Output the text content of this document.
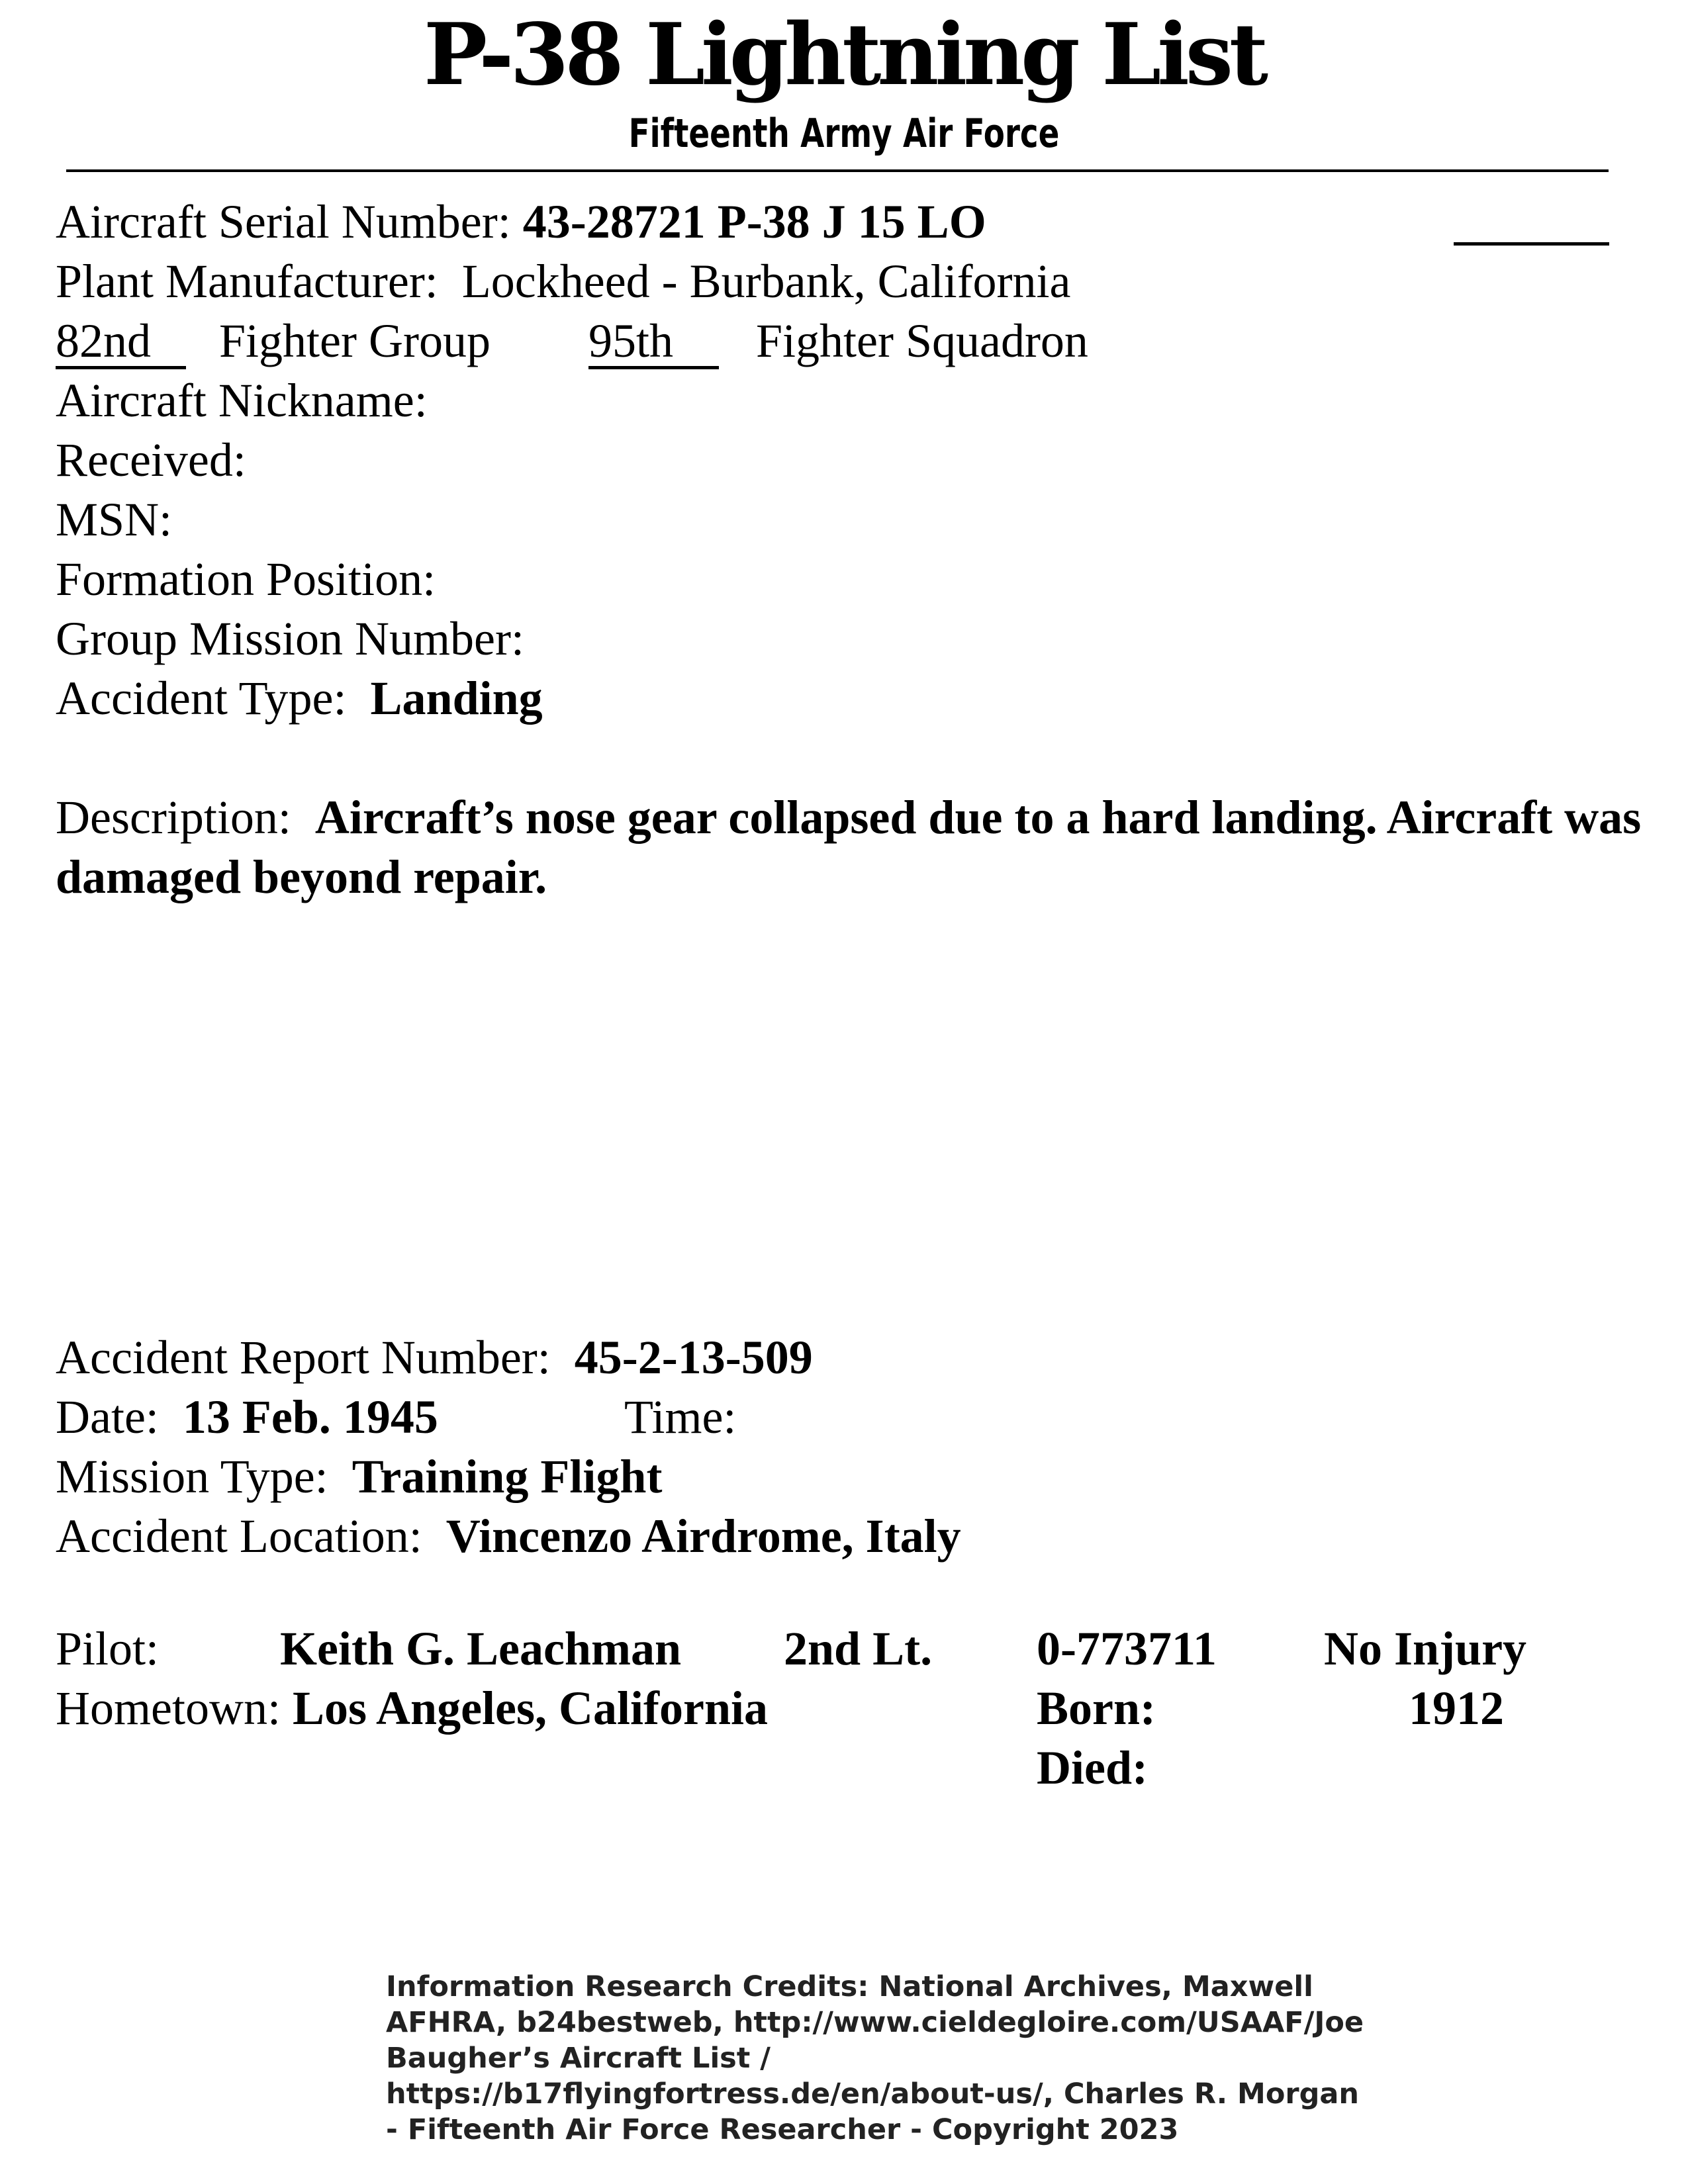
P-38 Lightning List
Fifteenth Army Air Force
Aircraft Serial Number: 43-28721 P-38 J 15 LO
Plant Manufacturer: Lockheed - Burbank, California
82nd Fighter Group 95th Fighter Squadron
Aircraft Nickname:
Received:
MSN:
Formation Position:
Group Mission Number:
Accident Type: Landing
Description: Aircraft’s nose gear collapsed due to a hard landing. Aircraft was damaged beyond repair.
Accident Report Number: 45-2-13-509
Date: 13 Feb. 1945	Time:
Mission Type: Training Flight
Accident Location: Vincenzo Airdrome, Italy
Pilot:	Keith G. Leachman 2nd Lt. 0-773711 No Injury
Hometown: Los Angeles, California	Born:	1912
Died:
Information Research Credits: National Archives, Maxwell AFHRA, b24bestweb, http://www.cieldegloire.com/USAAF/Joe Baugher’s Aircraft List / https://b17flyingfortress.de/en/about-us/, Charles R. Morgan - Fifteenth Air Force Researcher - Copyright 2023
